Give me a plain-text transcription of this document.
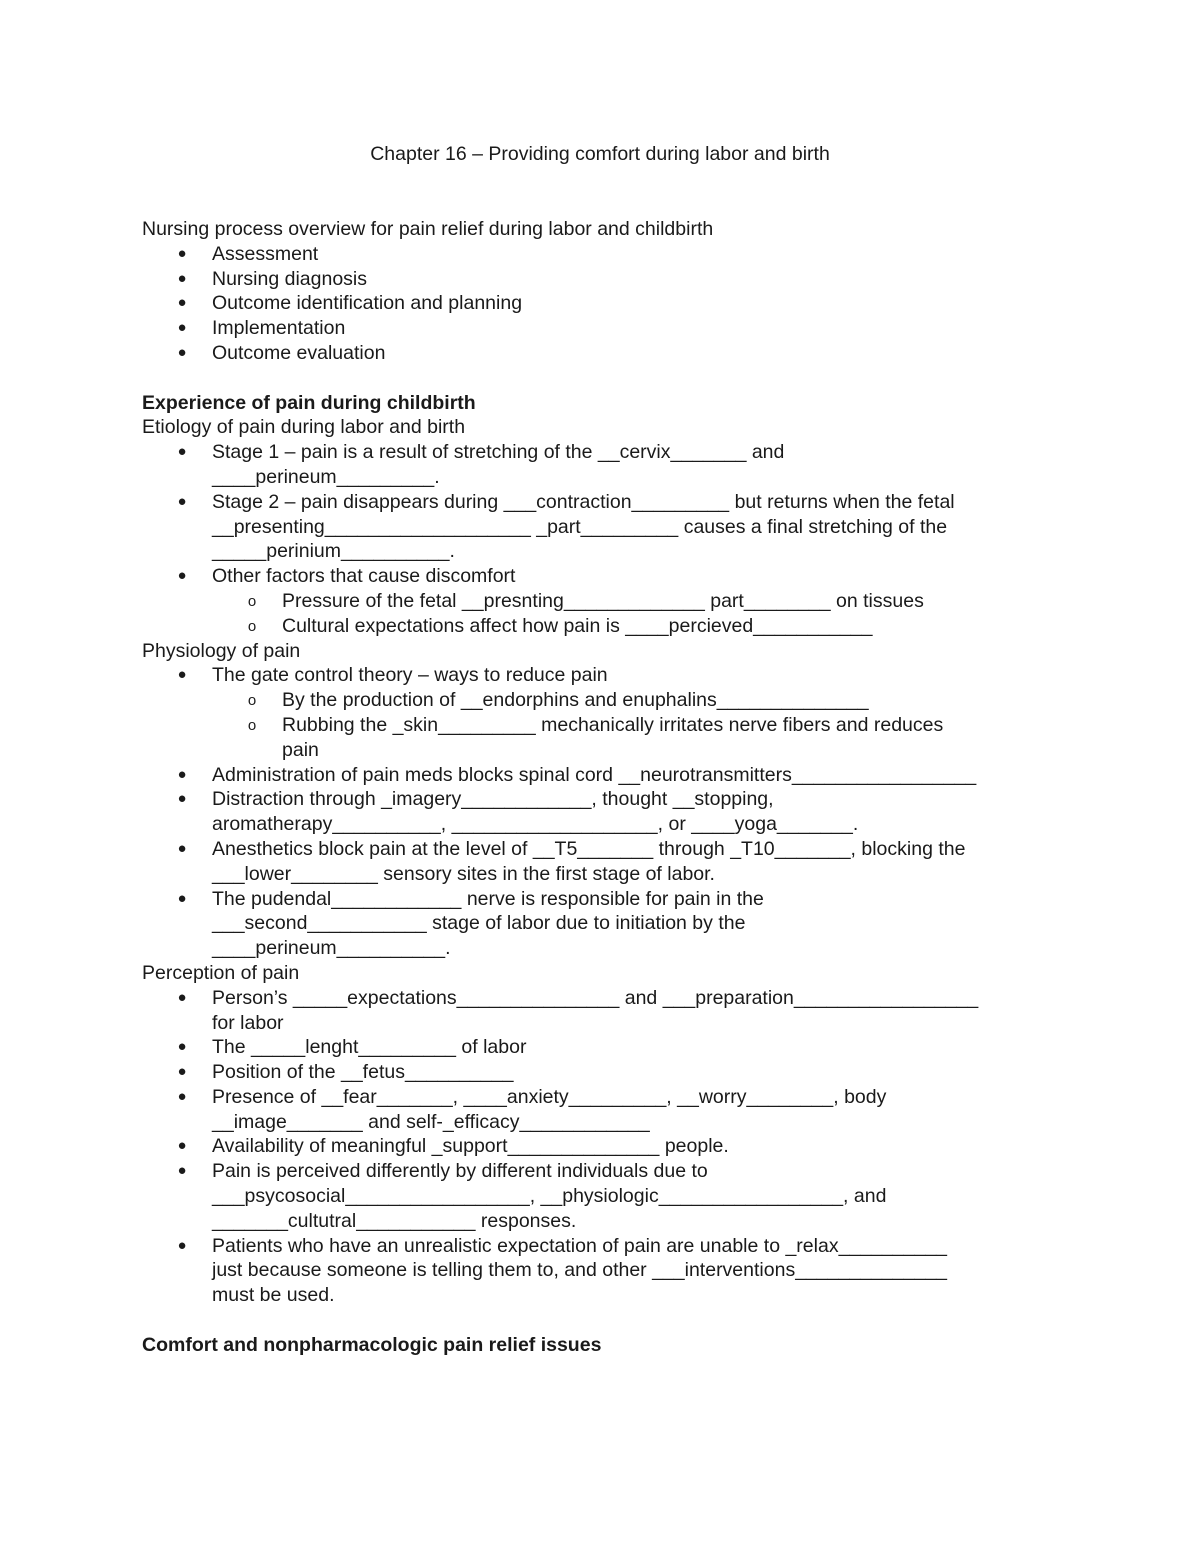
Chapter 16 – Providing comfort during labor and birth
Nursing process overview for pain relief during labor and childbirth
● Assessment
● Nursing diagnosis
● Outcome identification and planning
● Implementation
● Outcome evaluation
Experience of pain during childbirth
Etiology of pain during labor and birth
● Stage 1 – pain is a result of stretching of the __cervix_______ and
____perineum_________.
● Stage 2 – pain disappears during ___contraction_________ but returns when the fetal
__presenting___________________ _part_________ causes a final stretching of the
_____perinium__________.
● Other factors that cause discomfort
o Pressure of the fetal __presnting_____________ part________ on tissues
o Cultural expectations affect how pain is ____percieved___________
Physiology of pain
● The gate control theory – ways to reduce pain
o By the production of __endorphins and enuphalins______________
o Rubbing the _skin_________ mechanically irritates nerve fibers and reduces
pain
● Administration of pain meds blocks spinal cord __neurotransmitters_________________
● Distraction through _imagery____________, thought __stopping,
aromatherapy__________, ___________________, or ____yoga_______.
● Anesthetics block pain at the level of __T5_______ through _T10_______, blocking the
___lower________ sensory sites in the first stage of labor.
● The pudendal____________ nerve is responsible for pain in the
___second___________ stage of labor due to initiation by the
____perineum__________.
Perception of pain
● Person’s _____expectations_______________ and ___preparation_________________
for labor
● The _____lenght_________ of labor
● Position of the __fetus__________
● Presence of __fear_______, ____anxiety_________, __worry________, body
__image_______ and self-_efficacy____________
● Availability of meaningful _support______________ people.
● Pain is perceived differently by different individuals due to
___psycosocial_________________, __physiologic_________________, and
_______cultutral___________ responses.
● Patients who have an unrealistic expectation of pain are unable to _relax__________
just because someone is telling them to, and other ___interventions______________
must be used.
Comfort and nonpharmacologic pain relief issues
